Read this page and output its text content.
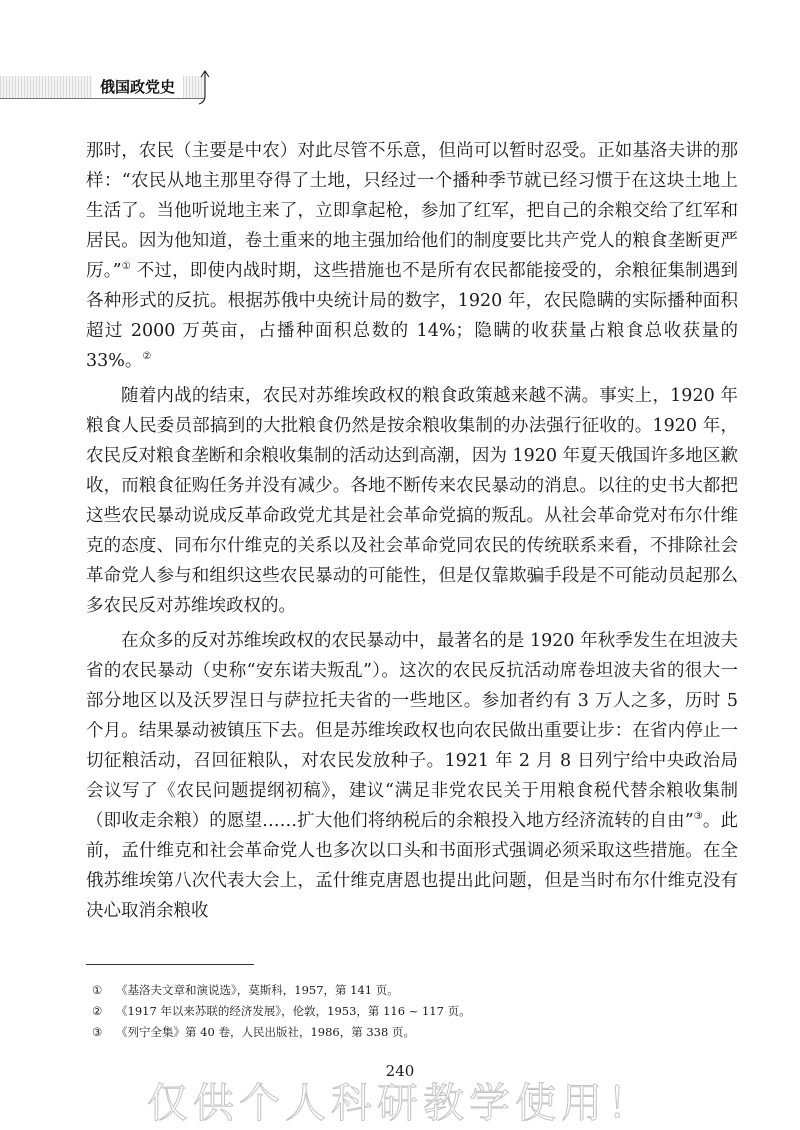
俄国政党史

那时，农民（主要是中农）对此尽管不乐意，但尚可以暂时忍受。正如基洛夫讲的那样：“农民从地主那里夺得了土地，只经过一个播种季节就已经习惯于在这块土地上生活了。当他听说地主来了，立即拿起枪，参加了红军，把自己的余粮交给了红军和居民。因为他知道，卷土重来的地主强加给他们的制度要比共产党人的粮食垄断更严厉。”① 不过，即使内战时期，这些措施也不是所有农民都能接受的，余粮征集制遇到各种形式的反抗。根据苏俄中央统计局的数字，1920 年，农民隐瞒的实际播种面积超过 2000 万英亩，占播种面积总数的 14%；隐瞒的收获量占粮食总收获量的 33%。②

随着内战的结束，农民对苏维埃政权的粮食政策越来越不满。事实上，1920 年粮食人民委员部搞到的大批粮食仍然是按余粮收集制的办法强行征收的。1920 年，农民反对粮食垄断和余粮收集制的活动达到高潮，因为 1920 年夏天俄国许多地区歉收，而粮食征购任务并没有减少。各地不断传来农民暴动的消息。以往的史书大都把这些农民暴动说成反革命政党尤其是社会革命党搞的叛乱。从社会革命党对布尔什维克的态度、同布尔什维克的关系以及社会革命党同农民的传统联系来看，不排除社会革命党人参与和组织这些农民暴动的可能性，但是仅靠欺骗手段是不可能动员起那么多农民反对苏维埃政权的。

在众多的反对苏维埃政权的农民暴动中，最著名的是 1920 年秋季发生在坦波夫省的农民暴动（史称“安东诺夫叛乱”）。这次的农民反抗活动席卷坦波夫省的很大一部分地区以及沃罗涅日与萨拉托夫省的一些地区。参加者约有 3 万人之多，历时 5 个月。结果暴动被镇压下去。但是苏维埃政权也向农民做出重要让步：在省内停止一切征粮活动，召回征粮队，对农民发放种子。1921 年 2 月 8 日列宁给中央政治局会议写了《农民问题提纲初稿》，建议“满足非党农民关于用粮食税代替余粮收集制（即收走余粮）的愿望……扩大他们将纳税后的余粮投入地方经济流转的自由”③。此前，孟什维克和社会革命党人也多次以口头和书面形式强调必须采取这些措施。在全俄苏维埃第八次代表大会上，孟什维克唐恩也提出此问题，但是当时布尔什维克没有决心取消余粮收

① 《基洛夫文章和演说选》，莫斯科，1957，第 141 页。
② 《1917 年以来苏联的经济发展》，伦敦，1953，第 116 ~ 117 页。
③ 《列宁全集》第 40 卷，人民出版社，1986，第 338 页。
240
仅供个人科研教学使用！
